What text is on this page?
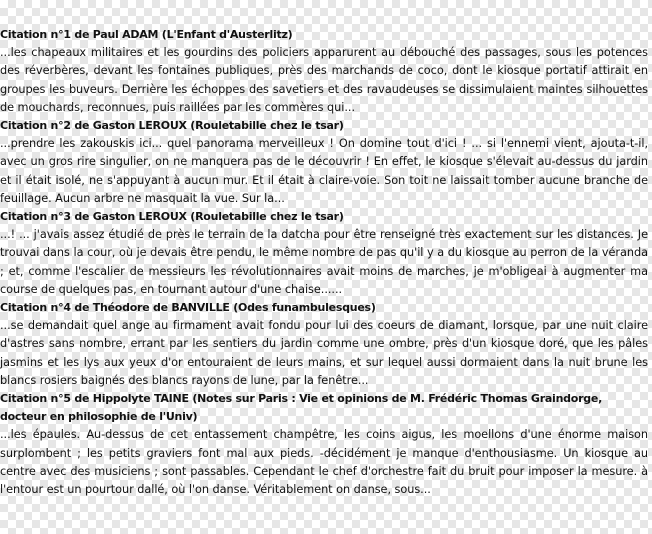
Citation n°1 de Paul ADAM (L'Enfant d'Austerlitz)
...les chapeaux militaires et les gourdins des policiers apparurent au débouché des passages, sous les potences des réverbères, devant les fontaines publiques, près des marchands de coco, dont le kiosque portatif attirait en groupes les buveurs. Derrière les échoppes des savetiers et des ravaudeuses se dissimulaient maintes silhouettes de mouchards, reconnues, puis raillées par les commères qui...
Citation n°2 de Gaston LEROUX (Rouletabille chez le tsar)
...prendre les zakouskis ici... quel panorama merveilleux ! On domine tout d'ici ! ... si l'ennemi vient, ajouta-t-il, avec un gros rire singulier, on ne manquera pas de le découvrir ! En effet, le kiosque s'élevait au-dessus du jardin et il était isolé, ne s'appuyant à aucun mur. Et il était à claire-voie. Son toit ne laissait tomber aucune branche de feuillage. Aucun arbre ne masquait la vue. Sur la...
Citation n°3 de Gaston LEROUX (Rouletabille chez le tsar)
...! ... j'avais assez étudié de près le terrain de la datcha pour être renseigné très exactement sur les distances. Je trouvai dans la cour, où je devais être pendu, le même nombre de pas qu'il y a du kiosque au perron de la véranda ; et, comme l'escalier de messieurs les révolutionnaires avait moins de marches, je m'obligeai à augmenter ma course de quelques pas, en tournant autour d'une chaise......
Citation n°4 de Théodore de BANVILLE (Odes funambulesques)
...se demandait quel ange au firmament avait fondu pour lui des coeurs de diamant, lorsque, par une nuit claire d'astres sans nombre, errant par les sentiers du jardin comme une ombre, près d'un kiosque doré, que les pâles jasmins et les lys aux yeux d'or entouraient de leurs mains, et sur lequel aussi dormaient dans la nuit brune les blancs rosiers baignés des blancs rayons de lune, par la fenêtre...
Citation n°5 de Hippolyte TAINE (Notes sur Paris : Vie et opinions de M. Frédéric Thomas Graindorge, docteur en philosophie de l'Univ)
...les épaules. Au-dessus de cet entassement champêtre, les coins aigus, les moellons d'une énorme maison surplombent ; les petits graviers font mal aux pieds. -décidément je manque d'enthousiasme. Un kiosque au centre avec des musiciens ; sont passables. Cependant le chef d'orchestre fait du bruit pour imposer la mesure. à l'entour est un pourtour dallé, où l'on danse. Véritablement on danse, sous...
